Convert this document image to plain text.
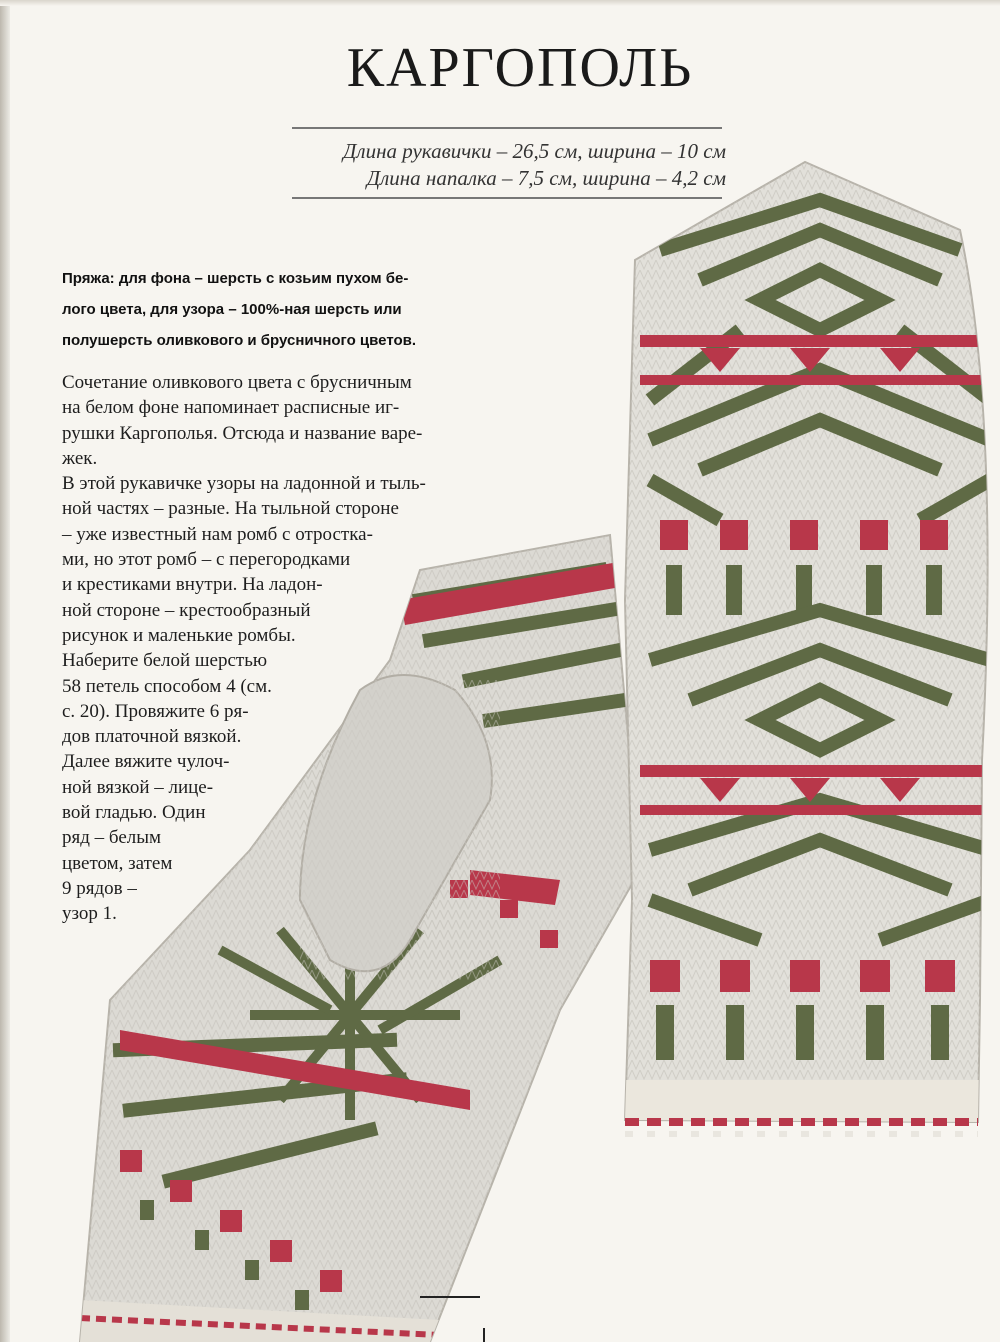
КАРГОПОЛЬ
Длина рукавички – 26,5 см, ширина – 10 см
Длина напалка – 7,5 см, ширина – 4,2 см
Пряжа: для фона – шерсть с козьим пухом бе-
лого цвета, для узора – 100%-ная шерсть или
полушерсть оливкового и брусничного цветов.
Сочетание оливкового цвета с брусничным
на белом фоне напоминает расписные иг-
рушки Каргополья. Отсюда и название варе-
жек.
В этой рукавичке узоры на ладонной и тыль-
ной частях – разные. На тыльной стороне
– уже известный нам ромб с отростка-
ми, но этот ромб – с перегородками
и крестиками внутри. На ладон-
ной стороне – крестообразный
рисунок и маленькие ромбы.
Наберите белой шерстью
58 петель способом 4 (см.
с. 20). Провяжите 6 ря-
дов платочной вязкой.
Далее вяжите чулоч-
ной вязкой – лице-
вой гладью. Один
ряд – белым
цветом, затем
9 рядов –
узор 1.
